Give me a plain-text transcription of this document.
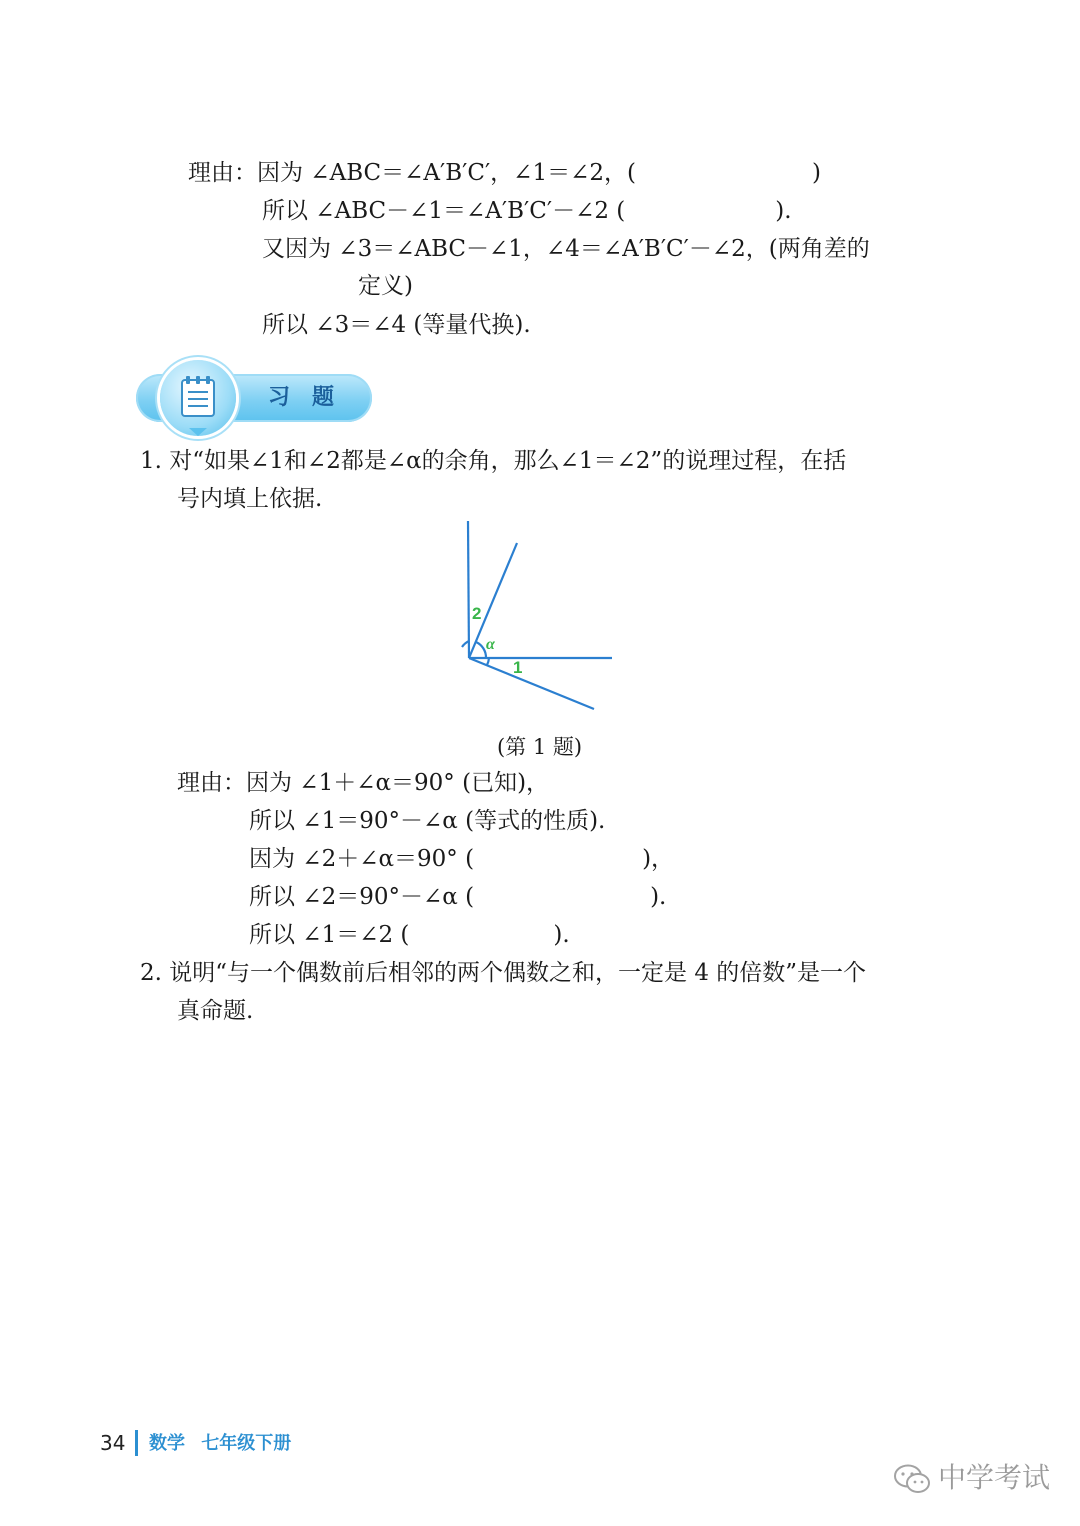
理由：因为 ∠ABC＝∠A′B′C′，∠1＝∠2，(	)
所以 ∠ABC－∠1＝∠A′B′C′－∠2 (	).
又因为 ∠3＝∠ABC－∠1，∠4＝∠A′B′C′－∠2，(两角差的
定义)
所以 ∠3＝∠4 (等量代换).
习题
1. 对“如果∠1和∠2都是∠α的余角，那么∠1＝∠2”的说理过程，在括
号内填上依据.
2
α
1
(第 1 题)
理由：因为 ∠1＋∠α＝90° (已知)，
所以 ∠1＝90°－∠α (等式的性质).
因为 ∠2＋∠α＝90° (	)，
所以 ∠2＝90°－∠α (	).
所以 ∠1＝∠2 (	).
2. 说明“与一个偶数前后相邻的两个偶数之和，一定是 4 的倍数”是一个
真命题.
34 数学 七年级下册
中学考试
